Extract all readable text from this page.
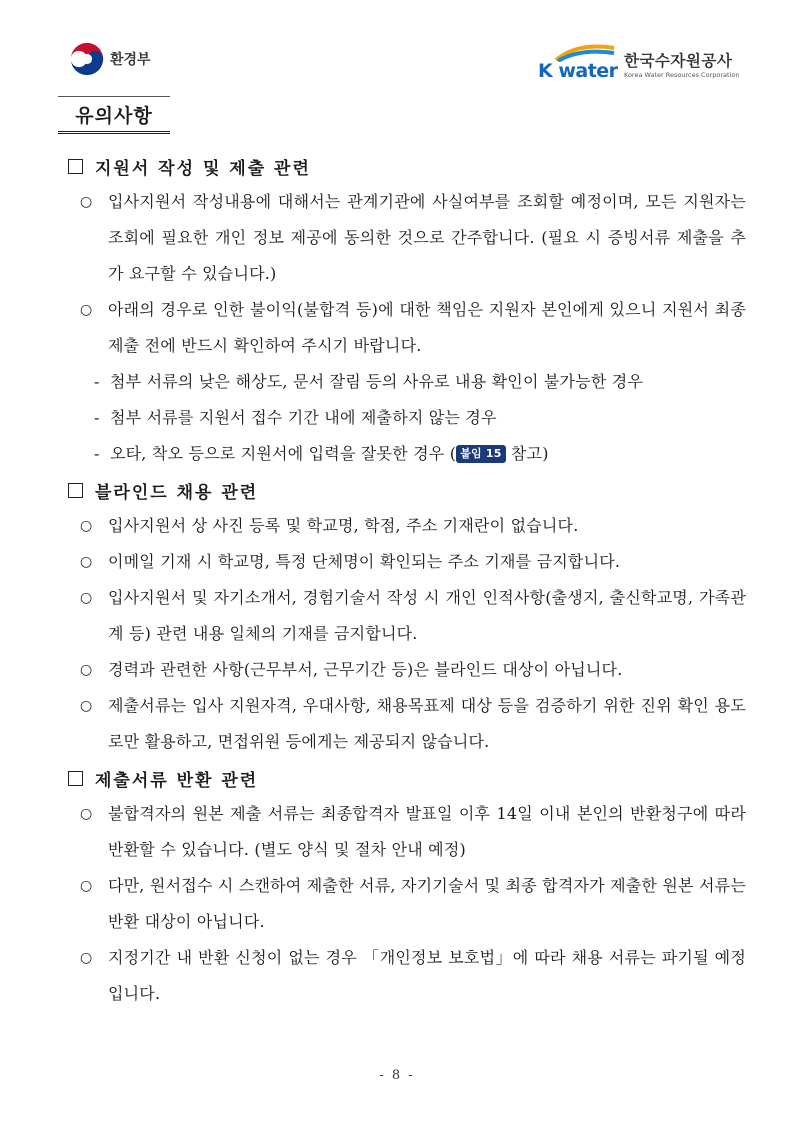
환경부	K water 한국수자원공사
Korea Water Resources Corporation
유의사항
지원서 작성 및 제출 관련
○ 입사지원서 작성내용에 대해서는 관계기관에 사실여부를 조회할 예정이며, 모든 지원자는 조회에 필요한 개인 정보 제공에 동의한 것으로 간주합니다. (필요 시 증빙서류 제출을 추가 요구할 수 있습니다.)
○ 아래의 경우로 인한 불이익(불합격 등)에 대한 책임은 지원자 본인에게 있으니 지원서 최종 제출 전에 반드시 확인하여 주시기 바랍니다.
- 첨부 서류의 낮은 해상도, 문서 잘림 등의 사유로 내용 확인이 불가능한 경우
- 첨부 서류를 지원서 접수 기간 내에 제출하지 않는 경우
- 오타, 착오 등으로 지원서에 입력을 잘못한 경우 ( 붙임 15 참고)
블라인드 채용 관련
○ 입사지원서 상 사진 등록 및 학교명, 학점, 주소 기재란이 없습니다.
○ 이메일 기재 시 학교명, 특정 단체명이 확인되는 주소 기재를 금지합니다.
○ 입사지원서 및 자기소개서, 경험기술서 작성 시 개인 인적사항(출생지, 출신학교명, 가족관계 등) 관련 내용 일체의 기재를 금지합니다.
○ 경력과 관련한 사항(근무부서, 근무기간 등)은 블라인드 대상이 아닙니다.
○ 제출서류는 입사 지원자격, 우대사항, 채용목표제 대상 등을 검증하기 위한 진위 확인 용도로만 활용하고, 면접위원 등에게는 제공되지 않습니다.
제출서류 반환 관련
○ 불합격자의 원본 제출 서류는 최종합격자 발표일 이후 14일 이내 본인의 반환청구에 따라 반환할 수 있습니다. (별도 양식 및 절차 안내 예정)
○ 다만, 원서접수 시 스캔하여 제출한 서류, 자기기술서 및 최종 합격자가 제출한 원본 서류는 반환 대상이 아닙니다.
○ 지정기간 내 반환 신청이 없는 경우 「개인정보 보호법」에 따라 채용 서류는 파기될 예정입니다.
- 8 -
